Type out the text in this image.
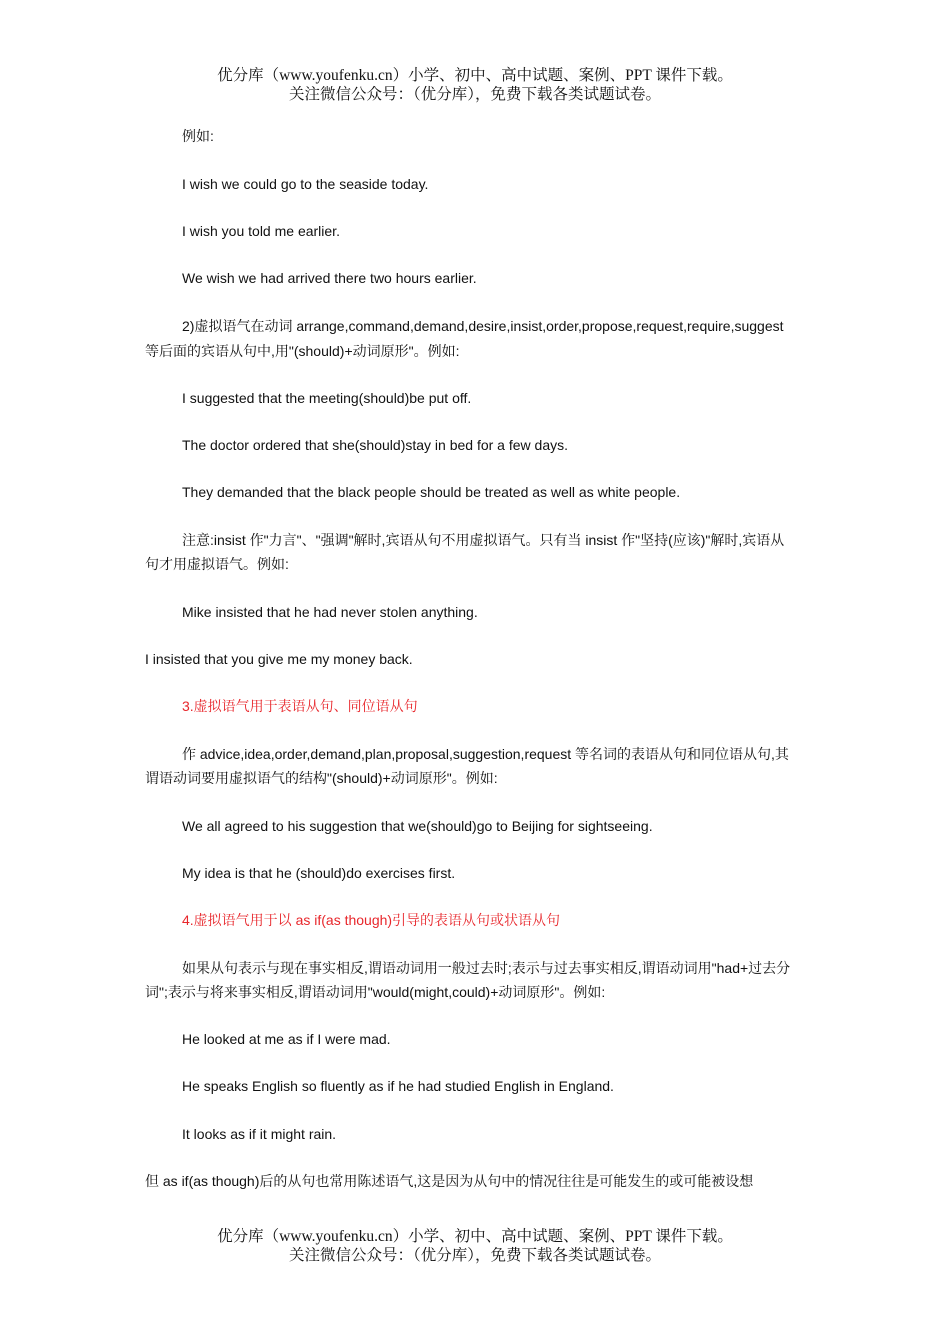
优分库（www.youfenku.cn）小学、初中、高中试题、案例、PPT 课件下载。
关注微信公众号：（优分库），免费下载各类试题试卷。
例如:
I wish we could go to the seaside today.
I wish you told me earlier.
We wish we had arrived there two hours earlier.
2)虚拟语气在动词 arrange,command,demand,desire,insist,order,propose,request,require,suggest
等后面的宾语从句中,用"(should)+动词原形"。例如:
I suggested that the meeting(should)be put off.
The doctor ordered that she(should)stay in bed for a few days.
They demanded that the black people should be treated as well as white people.
注意:insist 作"力言"、"强调"解时,宾语从句不用虚拟语气。只有当 insist 作"坚持(应该)"解时,宾语从
句才用虚拟语气。例如:
Mike insisted that he had never stolen anything.
I insisted that you give me my money back.
3.虚拟语气用于表语从句、同位语从句
作 advice,idea,order,demand,plan,proposal,suggestion,request 等名词的表语从句和同位语从句,其
谓语动词要用虚拟语气的结构"(should)+动词原形"。例如:
We all agreed to his suggestion that we(should)go to Beijing for sightseeing.
My idea is that he (should)do exercises first.
4.虚拟语气用于以 as if(as though)引导的表语从句或状语从句
如果从句表示与现在事实相反,谓语动词用一般过去时;表示与过去事实相反,谓语动词用"had+过去分
词";表示与将来事实相反,谓语动词用"would(might,could)+动词原形"。例如:
He looked at me as if I were mad.
He speaks English so fluently as if he had studied English in England.
It looks as if it might rain.
但 as if(as though)后的从句也常用陈述语气,这是因为从句中的情况往往是可能发生的或可能被设想
优分库（www.youfenku.cn）小学、初中、高中试题、案例、PPT 课件下载。
关注微信公众号：（优分库），免费下载各类试题试卷。
